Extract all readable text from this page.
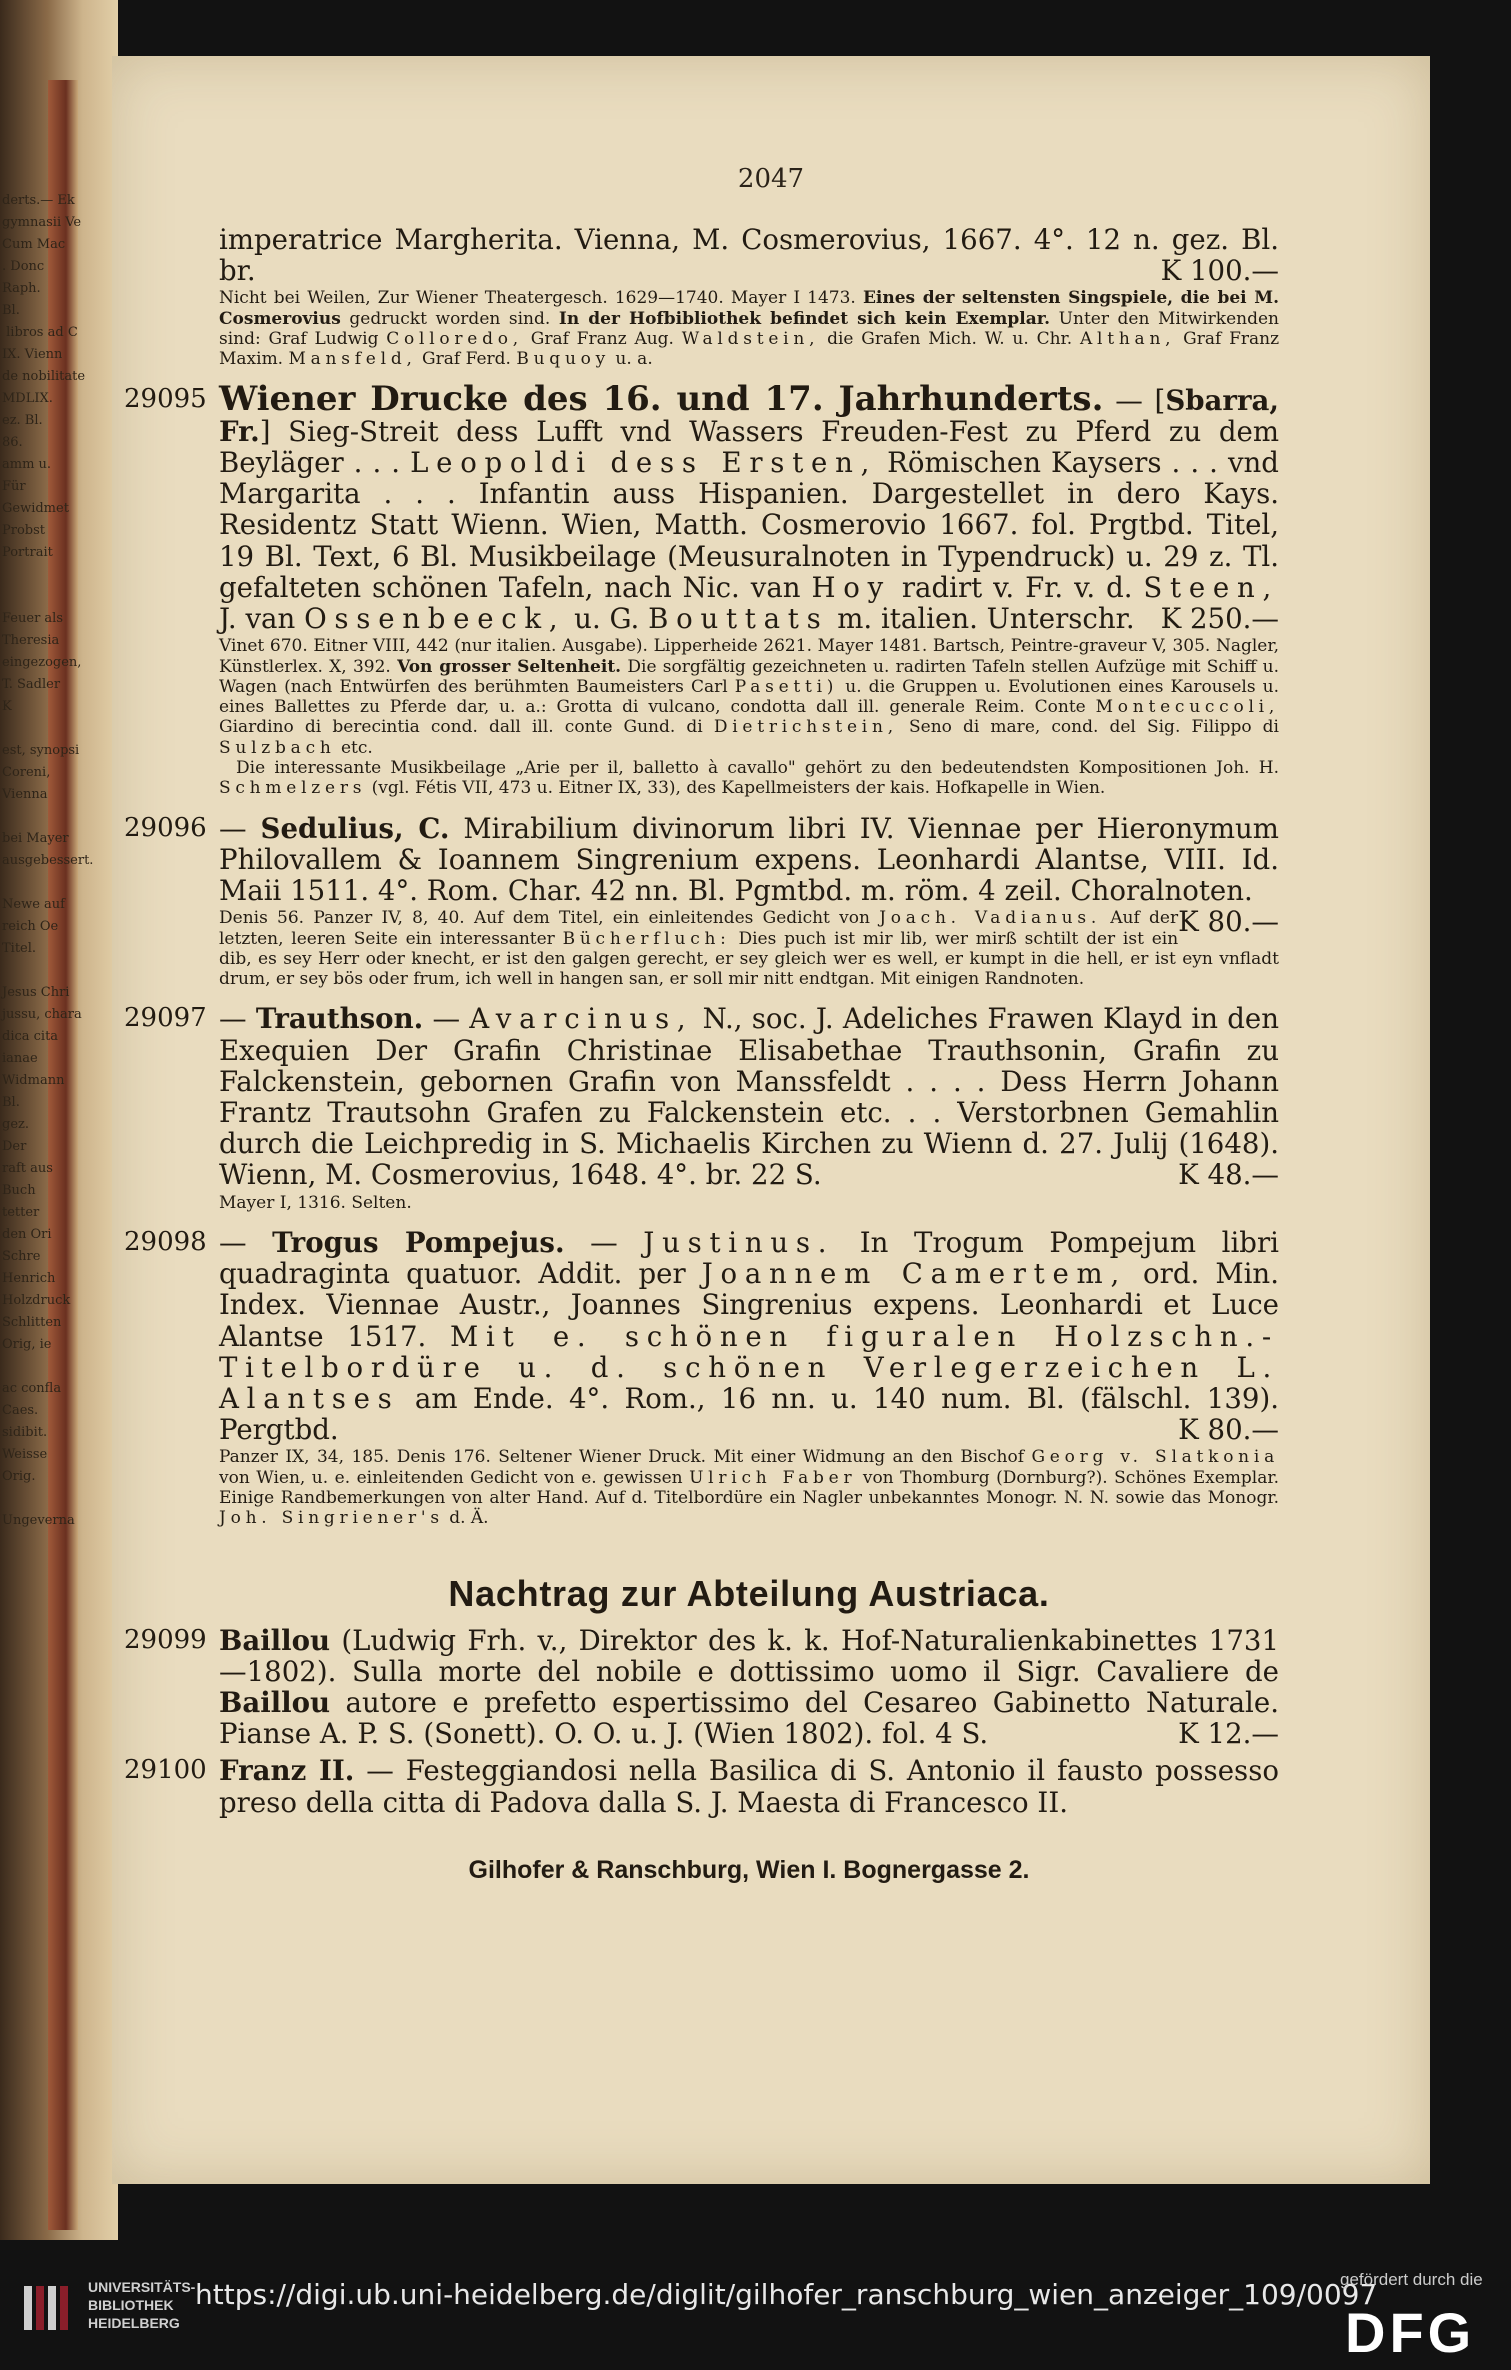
derts.— Ek
gymnasii Ve
Cum Mac
. Donc
Raph.
Bl.
libros ad C
IX. Vienn
de nobilitate
MDLIX.
ez. Bl.
86.
amm u.
Für
Gewidmet
Probst
Portrait

Feuer als
Theresia
eingezogen,
T. Sadler
K

est, synopsi
Coreni,
Vienna

bei Mayer
ausgebessert.

Newe auf
reich Oe
Titel.

Jesus Chri
jussu, chara
dica cita
ianae
Widmann
Bl.
gez.
Der
raft aus
Buch
tetter
den Ori
Schre
Henrich
Holzdruck
Schlitten
Orig, ie

ac confla
Caes.
sidibit.
Weisse
Orig.

Ungeverna
2047
imperatrice Margherita. Vienna, M. Cosmerovius, 1667. 4°. 12 n. gez. Bl. br.	K 100.—
Nicht bei Weilen, Zur Wiener Theatergesch. 1629—1740. Mayer I 1473. Eines der seltensten Singspiele, die bei M. Cosmerovius gedruckt worden sind. In der Hofbibliothek befindet sich kein Exemplar. Unter den Mitwirkenden sind: Graf Ludwig Colloredo, Graf Franz Aug. Waldstein, die Grafen Mich. W. u. Chr. Althan, Graf Franz Maxim. Mansfeld, Graf Ferd. Buquoy u. a.
29095 Wiener Drucke des 16. und 17. Jahrhunderts. — [Sbarra, Fr.] Sieg-Streit dess Lufft vnd Wassers Freuden-Fest zu Pferd zu dem Beyläger . . . Leopoldi dess Ersten, Römischen Kaysers . . . vnd Margarita . . . Infantin auss Hispanien. Dargestellet in dero Kays. Residentz Statt Wienn. Wien, Matth. Cosmerovio 1667. fol. Prgtbd. Titel, 19 Bl. Text, 6 Bl. Musikbeilage (Meusuralnoten in Typendruck) u. 29 z. Tl. gefalteten schönen Tafeln, nach Nic. van Hoy radirt v. Fr. v. d. Steen, J. van Ossenbeeck, u. G. Bouttats m. italien. Unterschr. K 250.—
Vinet 670. Eitner VIII, 442 (nur italien. Ausgabe). Lipperheide 2621. Mayer 1481. Bartsch, Peintre-graveur V, 305. Nagler, Künstlerlex. X, 392. Von grosser Seltenheit. Die sorgfältig gezeichneten u. radirten Tafeln stellen Aufzüge mit Schiff u. Wagen (nach Entwürfen des berühmten Baumeisters Carl Pasetti) u. die Gruppen u. Evolutionen eines Karousels u. eines Ballettes zu Pferde dar, u. a.: Grotta di vulcano, condotta dall ill. generale Reim. Conte Montecuccoli, Giardino di berecintia cond. dall ill. conte Gund. di Dietrichstein, Seno di mare, cond. del Sig. Filippo di Sulzbach etc.
 Die interessante Musikbeilage „Arie per il, balletto à cavallo" gehört zu den bedeutendsten Kompositionen Joh. H. Schmelzers (vgl. Fétis VII, 473 u. Eitner IX, 33), des Kapellmeisters der kais. Hofkapelle in Wien.
29096 — Sedulius, C. Mirabilium divinorum libri IV. Viennae per Hieronymum Philovallem & Ioannem Singrenium expens. Leonhardi Alantse, VIII. Id. Maii 1511. 4°. Rom. Char. 42 nn. Bl. Pgmtbd. m. röm. 4 zeil. Choralnoten.
K 80.—
Denis 56. Panzer IV, 8, 40. Auf dem Titel, ein einleitendes Gedicht von Joach. Vadianus. Auf der letzten, leeren Seite ein interessanter Bücherfluch: Dies puch ist mir lib, wer mirß schtilt der ist ein dib, es sey Herr oder knecht, er ist den galgen gerecht, er sey gleich wer es well, er kumpt in die hell, er ist eyn vnfladt drum, er sey bös oder frum, ich well in hangen san, er soll mir nitt endtgan. Mit einigen Randnoten.
29097 — Trauthson. — Avarcinus, N., soc. J. Adeliches Frawen Klayd in den Exequien Der Grafin Christinae Elisabethae Trauthsonin, Grafin zu Falckenstein, gebornen Grafin von Manssfeldt . . . . Dess Herrn Johann Frantz Trautsohn Grafen zu Falckenstein etc. . . Verstorbnen Gemahlin durch die Leichpredig in S. Michaelis Kirchen zu Wienn d. 27. Julij (1648). Wienn, M. Cosmerovius, 1648. 4°. br. 22 S.	K 48.—
Mayer I, 1316. Selten.
29098 — Trogus Pompejus. — Justinus. In Trogum Pompejum libri quadraginta quatuor. Addit. per Joannem Camertem, ord. Min. Index. Viennae Austr., Joannes Singrenius expens. Leonhardi et Luce Alantse 1517. Mit e. schönen figuralen Holzschn.- Titelbordüre u. d. schönen Verlegerzeichen L. Alantses am Ende. 4°. Rom., 16 nn. u. 140 num. Bl. (fälschl. 139). Pergtbd.	K 80.—
Panzer IX, 34, 185. Denis 176. Seltener Wiener Druck. Mit einer Widmung an den Bischof Georg v. Slatkonia von Wien, u. e. einleitenden Gedicht von e. gewissen Ulrich Faber von Thomburg (Dornburg?). Schönes Exemplar. Einige Randbemerkungen von alter Hand. Auf d. Titelbordüre ein Nagler unbekanntes Monogr. N. N. sowie das Monogr. Joh. Singriener's d. Ä.
Nachtrag zur Abteilung Austriaca.
29099 Baillou (Ludwig Frh. v., Direktor des k. k. Hof-Naturalienkabinettes 1731—1802). Sulla morte del nobile e dottissimo uomo il Sigr. Cavaliere de Baillou autore e prefetto espertissimo del Cesareo Gabinetto Naturale. Pianse A. P. S. (Sonett). O. O. u. J. (Wien 1802). fol. 4 S.	K 12.—
29100 Franz II. — Festeggiandosi nella Basilica di S. Antonio il fausto possesso preso della citta di Padova dalla S. J. Maesta di Francesco II.
Gilhofer & Ranschburg, Wien I. Bognergasse 2.
UNIVERSITÄTS-
BIBLIOTHEK
HEIDELBERG
https://digi.ub.uni-heidelberg.de/diglit/gilhofer_ranschburg_wien_anzeiger_109/0097
gefördert durch die
DFG
